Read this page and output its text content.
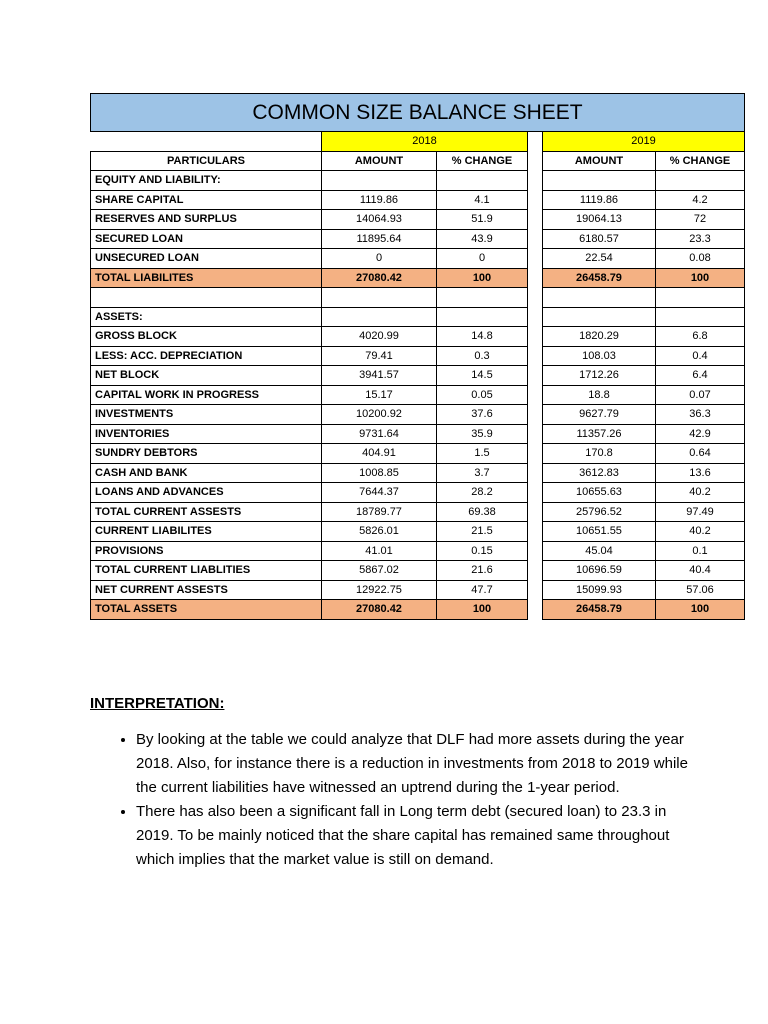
COMMON SIZE BALANCE SHEET					
	2018			2019	
PARTICULARS	AMOUNT	% CHANGE		AMOUNT	% CHANGE
EQUITY AND LIABILITY:					
SHARE CAPITAL	1119.86	4.1		1119.86	4.2
RESERVES AND SURPLUS	14064.93	51.9		19064.13	72
SECURED LOAN	11895.64	43.9		6180.57	23.3
UNSECURED LOAN	0	0		22.54	0.08
TOTAL LIABILITES	27080.42	100		26458.79	100

ASSETS:					
GROSS BLOCK	4020.99	14.8		1820.29	6.8
LESS: ACC. DEPRECIATION	79.41	0.3		108.03	0.4
NET BLOCK	3941.57	14.5		1712.26	6.4
CAPITAL WORK IN PROGRESS	15.17	0.05		18.8	0.07
INVESTMENTS	10200.92	37.6		9627.79	36.3
INVENTORIES	9731.64	35.9		11357.26	42.9
SUNDRY DEBTORS	404.91	1.5		170.8	0.64
CASH AND BANK	1008.85	3.7		3612.83	13.6
LOANS AND ADVANCES	7644.37	28.2		10655.63	40.2
TOTAL CURRENT ASSESTS	18789.77	69.38		25796.52	97.49
CURRENT LIABILITES	5826.01	21.5		10651.55	40.2
PROVISIONS	41.01	0.15		45.04	0.1
TOTAL CURRENT LIABLITIES	5867.02	21.6		10696.59	40.4
NET CURRENT ASSESTS	12922.75	47.7		15099.93	57.06
TOTAL ASSETS	27080.42	100		26458.79	100
INTERPRETATION:
• By looking at the table we could analyze that DLF had more assets during the year 2018. Also, for instance there is a reduction in investments from 2018 to 2019 while the current liabilities have witnessed an uptrend during the 1-year period.
• There has also been a significant fall in Long term debt (secured loan) to 23.3 in 2019. To be mainly noticed that the share capital has remained same throughout which implies that the market value is still on demand.
